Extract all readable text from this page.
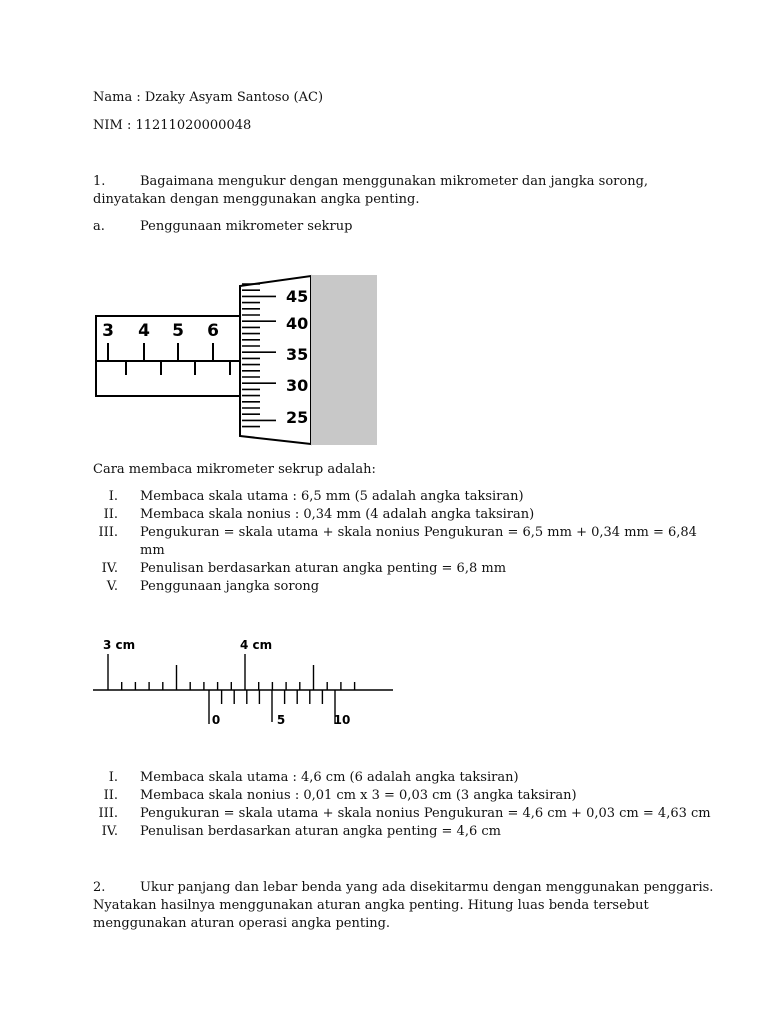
Nama : Dzaky Asyam Santoso (AC)
NIM : 11211020000048
1.	Bagaimana mengukur dengan menggunakan mikrometer dan jangka sorong,
dinyatakan dengan menggunakan angka penting.
a.	Penggunaan mikrometer sekrup
3 4 5 6
45
40
35
30
25
Cara membaca mikrometer sekrup adalah:
I. Membaca skala utama : 6,5 mm (5 adalah angka taksiran)
II. Membaca skala nonius : 0,34 mm (4 adalah angka taksiran)
III. Pengukuran = skala utama + skala nonius Pengukuran = 6,5 mm + 0,34 mm = 6,84
mm
IV. Penulisan berdasarkan aturan angka penting = 6,8 mm
V. Penggunaan jangka sorong
3 cm	4 cm
0	5	10
I. Membaca skala utama : 4,6 cm (6 adalah angka taksiran)
II. Membaca skala nonius : 0,01 cm x 3 = 0,03 cm (3 angka taksiran)
III. Pengukuran = skala utama + skala nonius Pengukuran = 4,6 cm + 0,03 cm = 4,63 cm
IV. Penulisan berdasarkan aturan angka penting = 4,6 cm
2.	Ukur panjang dan lebar benda yang ada disekitarmu dengan menggunakan penggaris.
Nyatakan hasilnya menggunakan aturan angka penting. Hitung luas benda tersebut
menggunakan aturan operasi angka penting.
